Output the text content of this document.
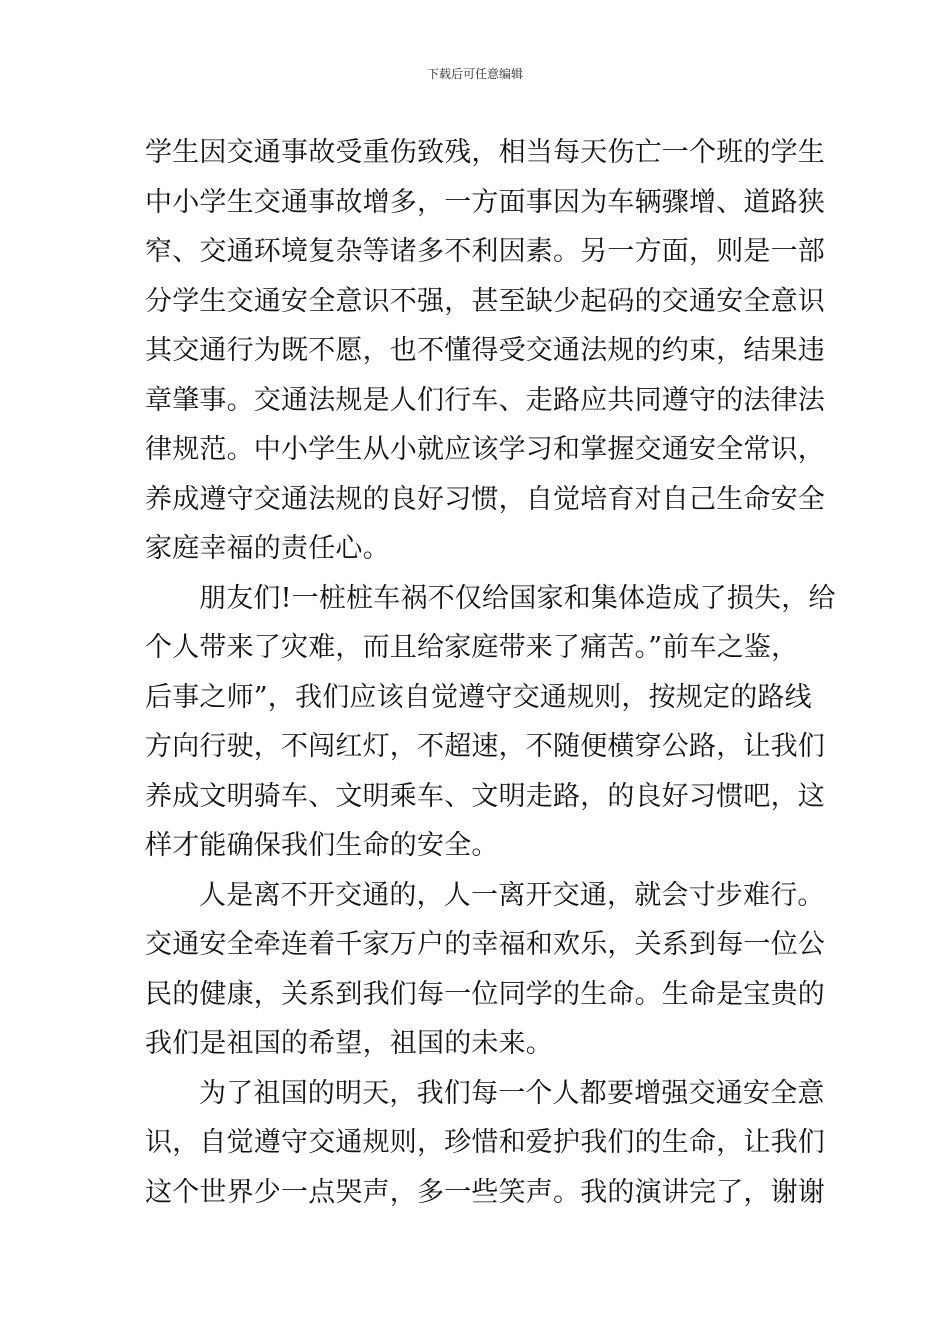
下载后可任意编辑
学生因交通事故受重伤致残，相当每天伤亡一个班的学生
中小学生交通事故增多，一方面事因为车辆骤增、道路狭
窄、交通环境复杂等诸多不利因素。另一方面，则是一部
分学生交通安全意识不强，甚至缺少起码的交通安全意识
其交通行为既不愿，也不懂得受交通法规的约束，结果违
章肇事。交通法规是人们行车、走路应共同遵守的法律法
律规范。中小学生从小就应该学习和掌握交通安全常识，
养成遵守交通法规的良好习惯，自觉培育对自己生命安全
家庭幸福的责任心。
朋友们!一桩桩车祸不仅给国家和集体造成了损失，给
个人带来了灾难，而且给家庭带来了痛苦。”前车之鉴，
后事之师”，我们应该自觉遵守交通规则，按规定的路线
方向行驶，不闯红灯，不超速，不随便横穿公路，让我们
养成文明骑车、文明乘车、文明走路，的良好习惯吧，这
样才能确保我们生命的安全。
人是离不开交通的，人一离开交通，就会寸步难行。
交通安全牵连着千家万户的幸福和欢乐，关系到每一位公
民的健康，关系到我们每一位同学的生命。生命是宝贵的
我们是祖国的希望，祖国的未来。
为了祖国的明天，我们每一个人都要增强交通安全意
识，自觉遵守交通规则，珍惜和爱护我们的生命，让我们
这个世界少一点哭声，多一些笑声。我的演讲完了，谢谢
